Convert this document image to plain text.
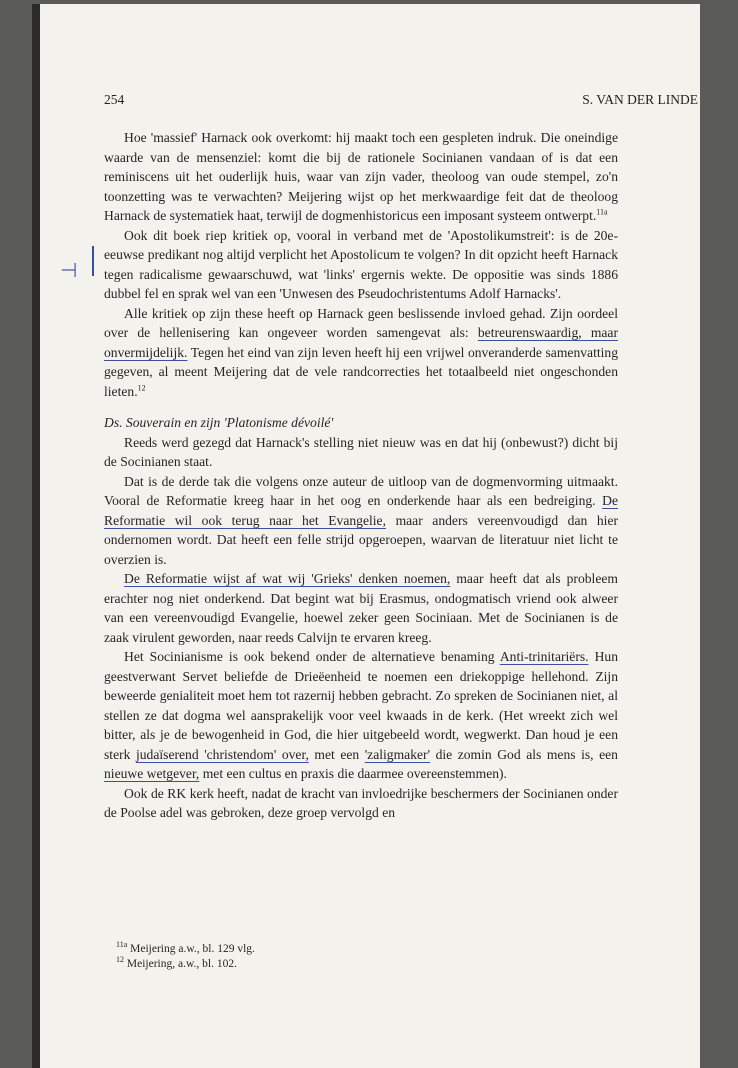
254	S. VAN DER LINDE
⊣

Hoe 'massief' Harnack ook overkomt: hij maakt toch een gespleten indruk. Die oneindige waarde van de mensenziel: komt die bij de rationele Socinianen vandaan of is dat een reminiscens uit het ouderlijk huis, waar van zijn vader, theoloog van oude stempel, zo'n toonzetting was te verwachten? Meijering wijst op het merkwaardige feit dat de theoloog Harnack de systematiek haat, terwijl de dogmenhistoricus een imposant systeem ontwerpt.$^{11a}$

Ook dit boek riep kritiek op, vooral in verband met de 'Apostolikumstreit': is de 20e-eeuwse predikant nog altijd verplicht het Apostolicum te volgen? In dit opzicht heeft Harnack tegen radicalisme gewaarschuwd, wat 'links' ergernis wekte. De oppositie was sinds 1886 dubbel fel en sprak wel van een 'Unwesen des Pseudochristentums Adolf Harnacks'.

Alle kritiek op zijn these heeft op Harnack geen beslissende invloed gehad. Zijn oordeel over de hellenisering kan ongeveer worden samengevat als: betreurenswaardig, maar onvermijdelijk. Tegen het eind van zijn leven heeft hij een vrijwel onveranderde samenvatting gegeven, al meent Meijering dat de vele randcorrecties het totaalbeeld niet ongeschonden lieten.$^{12}$

Ds. Souverain en zijn 'Platonisme dévoilé'

Reeds werd gezegd dat Harnack's stelling niet nieuw was en dat hij (onbewust?) dicht bij de Socinianen staat.

Dat is de derde tak die volgens onze auteur de uitloop van de dogmenvorming uitmaakt. Vooral de Reformatie kreeg haar in het oog en onderkende haar als een bedreiging. De Reformatie wil ook terug naar het Evangelie, maar anders vereenvoudigd dan hier ondernomen wordt. Dat heeft een felle strijd opgeroepen, waarvan de literatuur niet licht te overzien is.

De Reformatie wijst af wat wij 'Grieks' denken noemen, maar heeft dat als probleem erachter nog niet onderkend. Dat begint wat bij Erasmus, ondogmatisch vriend ook alweer van een vereenvoudigd Evangelie, hoewel zeker geen Sociniaan. Met de Socinianen is de zaak virulent geworden, naar reeds Calvijn te ervaren kreeg.

Het Socinianisme is ook bekend onder de alternatieve benaming Anti-trinitariërs. Hun geestverwant Servet beliefde de Drieëenheid te noemen een driekoppige hellehond. Zijn beweerde genialiteit moet hem tot razernij hebben gebracht. Zo spreken de Socinianen niet, al stellen ze dat dogma wel aansprakelijk voor veel kwaads in de kerk. (Het wreekt zich wel bitter, als je de bewogenheid in God, die hier uitgebeeld wordt, wegwerkt. Dan houd je een sterk judaïserend 'christendom' over, met een 'zaligmaker' die zomin God als mens is, een nieuwe wetgever, met een cultus en praxis die daarmee overeenstemmen).

Ook de RK kerk heeft, nadat de kracht van invloedrijke beschermers der Socinianen onder de Poolse adel was gebroken, deze groep vervolgd en

$^{11a}$ Meijering a.w., bl. 129 vlg.
$^{12}$ Meijering, a.w., bl. 102.
